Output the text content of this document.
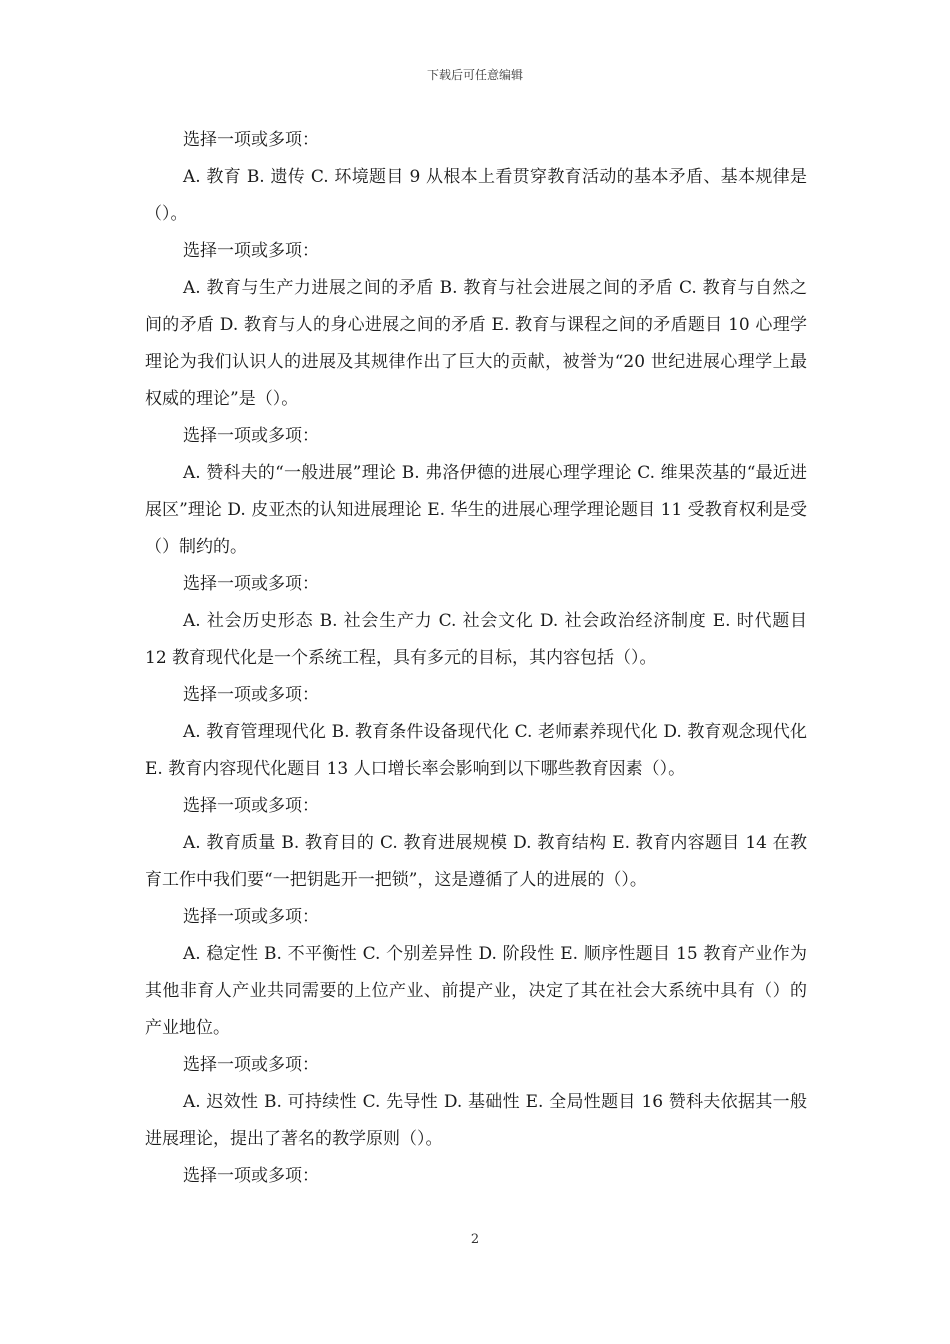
下载后可任意编辑

选择一项或多项：

A. 教育 B. 遗传 C. 环境题目 9 从根本上看贯穿教育活动的基本矛盾、基本规律是（）。

选择一项或多项：

A. 教育与生产力进展之间的矛盾 B. 教育与社会进展之间的矛盾 C. 教育与自然之间的矛盾 D. 教育与人的身心进展之间的矛盾 E. 教育与课程之间的矛盾题目 10 心理学理论为我们认识人的进展及其规律作出了巨大的贡献，被誉为“20 世纪进展心理学上最权威的理论”是（）。

选择一项或多项：

A. 赞科夫的“一般进展”理论 B. 弗洛伊德的进展心理学理论 C. 维果茨基的“最近进展区”理论 D. 皮亚杰的认知进展理论 E. 华生的进展心理学理论题目 11 受教育权利是受（）制约的。

选择一项或多项：

A. 社会历史形态 B. 社会生产力 C. 社会文化 D. 社会政治经济制度 E. 时代题目 12 教育现代化是一个系统工程，具有多元的目标，其内容包括（）。

选择一项或多项：

A. 教育管理现代化 B. 教育条件设备现代化 C. 老师素养现代化 D. 教育观念现代化 E. 教育内容现代化题目 13 人口增长率会影响到以下哪些教育因素（）。

选择一项或多项：

A. 教育质量 B. 教育目的 C. 教育进展规模 D. 教育结构 E. 教育内容题目 14 在教育工作中我们要“一把钥匙开一把锁”，这是遵循了人的进展的（）。

选择一项或多项：

A. 稳定性 B. 不平衡性 C. 个别差异性 D. 阶段性 E. 顺序性题目 15 教育产业作为其他非育人产业共同需要的上位产业、前提产业，决定了其在社会大系统中具有（）的产业地位。

选择一项或多项：

A. 迟效性 B. 可持续性 C. 先导性 D. 基础性 E. 全局性题目 16 赞科夫依据其一般进展理论，提出了著名的教学原则（）。

选择一项或多项：

2
